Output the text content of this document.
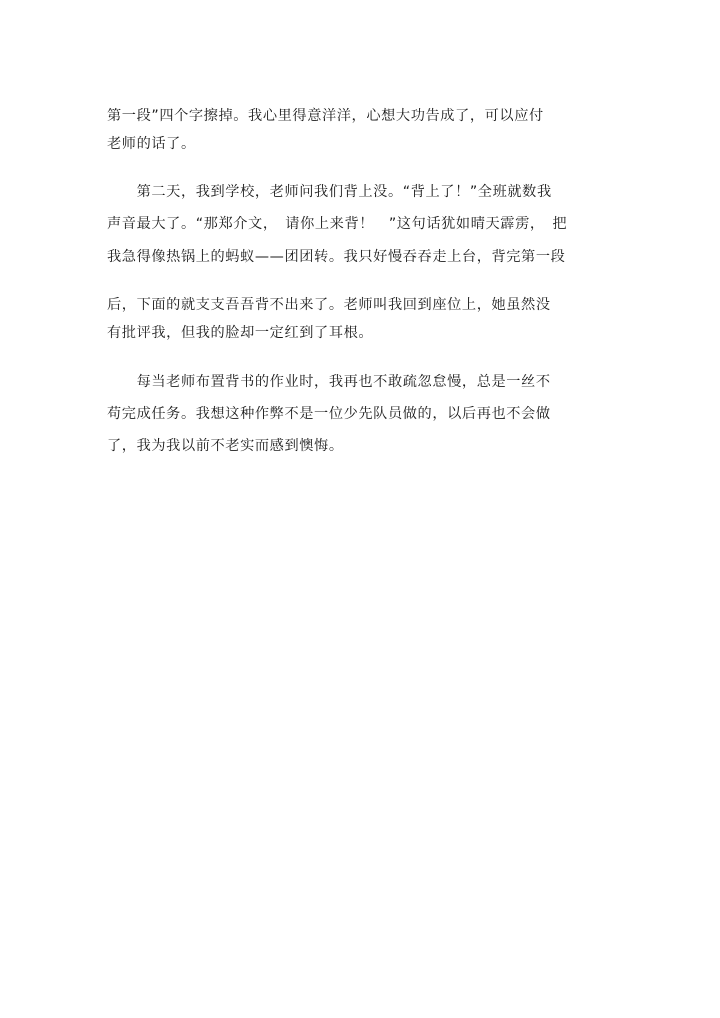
第一段”四个字擦掉。我心里得意洋洋，心想大功告成了，可以应付
老师的话了。
　　第二天，我到学校，老师问我们背上没。“背上了！”全班就数我
声音最大了。“那郑介文，　请你上来背！　”这句话犹如晴天霹雳，　把
我急得像热锅上的蚂蚁——团团转。我只好慢吞吞走上台，背完第一段
后，下面的就支支吾吾背不出来了。老师叫我回到座位上，她虽然没
有批评我，但我的脸却一定红到了耳根。
　　每当老师布置背书的作业时，我再也不敢疏忽怠慢，总是一丝不
苟完成任务。我想这种作弊不是一位少先队员做的，以后再也不会做
了，我为我以前不老实而感到懊悔。
